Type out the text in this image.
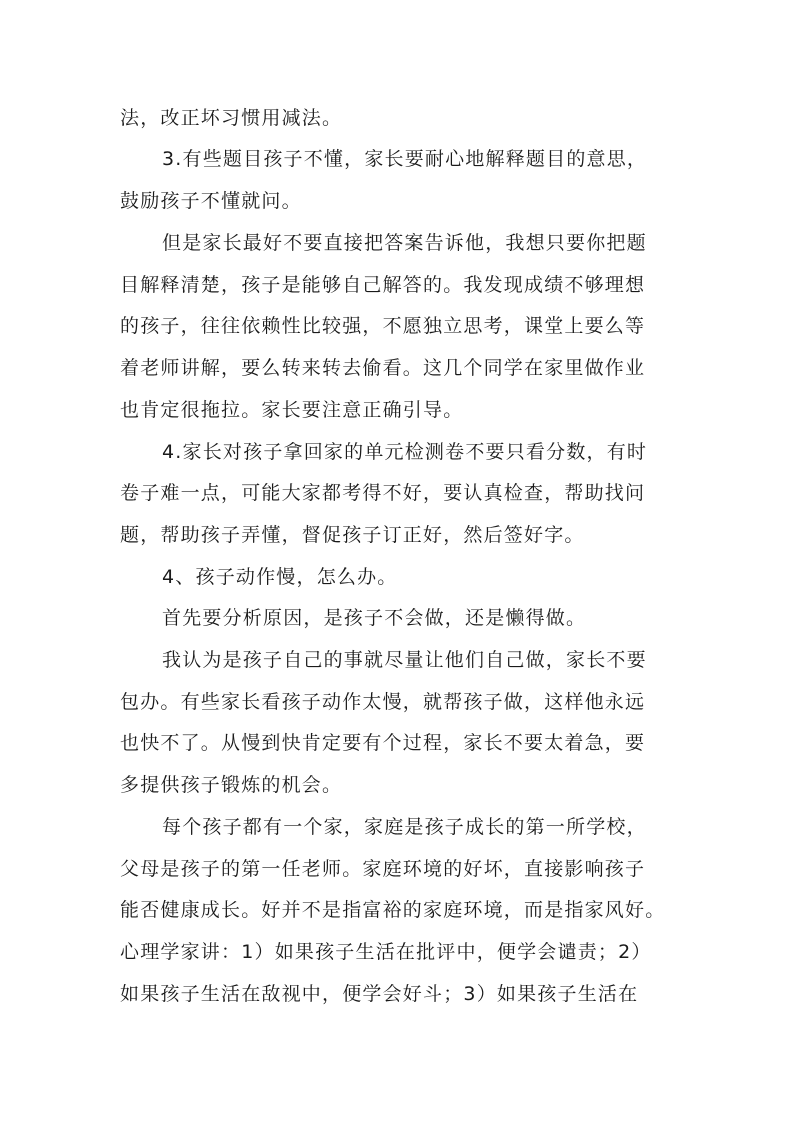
法，改正坏习惯用减法。
3.有些题目孩子不懂，家长要耐心地解释题目的意思，
鼓励孩子不懂就问。
但是家长最好不要直接把答案告诉他，我想只要你把题
目解释清楚，孩子是能够自己解答的。我发现成绩不够理想
的孩子，往往依赖性比较强，不愿独立思考，课堂上要么等
着老师讲解，要么转来转去偷看。这几个同学在家里做作业
也肯定很拖拉。家长要注意正确引导。
4.家长对孩子拿回家的单元检测卷不要只看分数，有时
卷子难一点，可能大家都考得不好，要认真检查，帮助找问
题，帮助孩子弄懂，督促孩子订正好，然后签好字。
4、孩子动作慢，怎么办。
首先要分析原因，是孩子不会做，还是懒得做。
我认为是孩子自己的事就尽量让他们自己做，家长不要
包办。有些家长看孩子动作太慢，就帮孩子做，这样他永远
也快不了。从慢到快肯定要有个过程，家长不要太着急，要
多提供孩子锻炼的机会。
每个孩子都有一个家，家庭是孩子成长的第一所学校，
父母是孩子的第一任老师。家庭环境的好坏，直接影响孩子
能否健康成长。好并不是指富裕的家庭环境，而是指家风好。
心理学家讲：1）如果孩子生活在批评中，便学会谴责；2）
如果孩子生活在敌视中，便学会好斗；3）如果孩子生活在
